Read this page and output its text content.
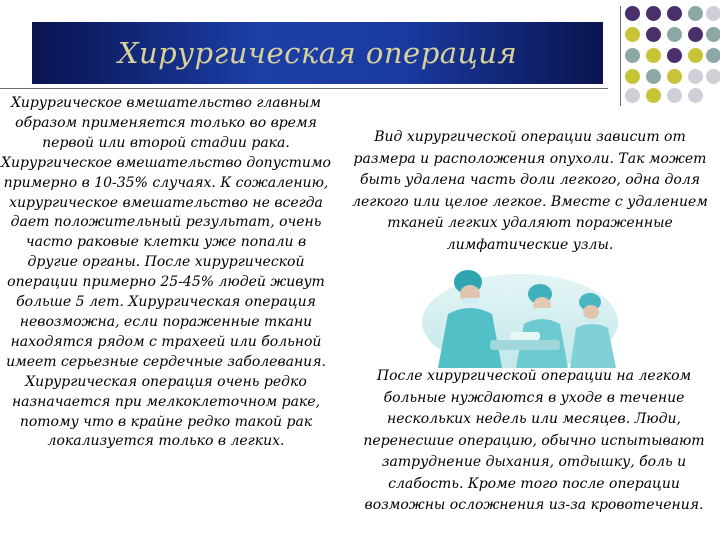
Хирургическая операция

Хирургическое вмешательство главным образом применяется только во время первой или второй стадии рака. Хирургическое вмешательство допустимо примерно в 10-35% случаях. К сожалению, хирургическое вмешательство не всегда дает положительный результат, очень часто раковые клетки уже попали в другие органы. После хирургической операции примерно 25-45% людей живут больше 5 лет. Хирургическая операция невозможна, если пораженные ткани находятся рядом с трахеей или больной имеет серьезные сердечные заболевания. Хирургическая операция очень редко назначается при мелкоклеточном раке, потому что в крайне редко такой рак локализуется только в легких.

Вид хирургической операции зависит от размера и расположения опухоли. Так может быть удалена часть доли легкого, одна доля легкого или целое легкое. Вместе с удалением тканей легких удаляют пораженные лимфатические узлы.

После хирургической операции на легком больные нуждаются в уходе в течение нескольких недель или месяцев. Люди, перенесшие операцию, обычно испытывают затруднение дыхания, отдышку, боль и слабость. Кроме того после операции возможны осложнения из-за кровотечения.
